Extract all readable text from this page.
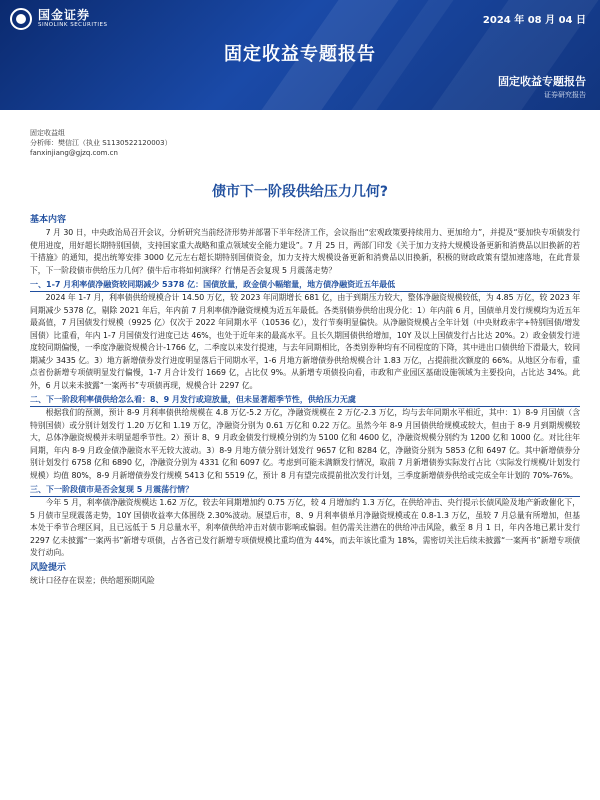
国金证券
SINOLINK SECURITIES	2024 年 08 月 04 日
固定收益专题报告
固定收益专题报告
证券研究报告
固定收益组
分析师：樊信江（执业 S1130522120003）
fanxinjiang@gjzq.com.cn
债市下一阶段供给压力几何?
基本内容

7 月 30 日，中央政治局召开会议，分析研究当前经济形势并部署下半年经济工作，会议指出“宏观政策要持续用力、更加给力”，并提及“要加快专项债发行使用进度，用好超长期特别国债，支持国家重大战略和重点领域安全能力建设”。7 月 25 日，两部门印发《关于加力支持大规模设备更新和消费品以旧换新的若干措施》的通知，提出统筹安排 3000 亿元左右超长期特别国债资金，加力支持大规模设备更新和消费品以旧换新，积极的财政政策有望加速落地，在此背景下，下一阶段债市供给压力几何？债牛后市将如何演绎？行情是否会复现 5 月震荡走势？

一、1-7 月利率债净融资较同期减少 5378 亿：国债放量，政金债小幅缩量，地方债净融资近五年最低

2024 年 1-7 月，利率债供给规模合计 14.50 万亿，较 2023 年同期增长 681 亿，由于到期压力较大，整体净融资规模较低，为 4.85 万亿，较 2023 年同期减少 5378 亿，剔除 2021 年后，年内前 7 月利率债净融资规模为近五年最低。各类别债券供给出现分化：1）年内前 6 月，国债单月发行规模均为近五年最高值，7 月国债发行规模（9925 亿）仅次于 2022 年同期水平（10536 亿），发行节奏明显偏快。从净融资规模占全年计划（中央财政赤字+特别国债/增发国债）比重看，年内 1-7 月国债发行进度已达 46%，也处于近年来的最高水平。且长久期国债供给增加，10Y 及以上国债发行占比达 20%。2）政金债发行进度较同期偏慢，一季度净融资规模合计-1766 亿，二季度以来发行提速，与去年同期相比，各类别券种均有不同程度的下降，其中进出口债供给下滑最大，较同期减少 3435 亿。3）地方新增债券发行进度明显落后于同期水平，1-6 月地方新增债券供给规模合计 1.83 万亿，占提前批次额度的 66%。从地区分布看，重点省份新增专项债明显发行偏慢，1-7 月合计发行 1669 亿，占比仅 9%。从新增专项债投向看，市政和产业园区基础设施领域为主要投向，占比达 34%。此外，6 月以来未披露“一案两书”专项债再现，规模合计 2297 亿。

二、下一阶段利率债供给怎么看：8、9 月发行或迎放量，但未显著超季节性，供给压力无虞

根据我们的预测，预计 8-9 月利率债供给规模在 4.8 万亿-5.2 万亿，净融资规模在 2 万亿-2.3 万亿，均与去年同期水平相近，其中：1）8-9 月国债（含特别国债）或分别计划发行 1.20 万亿和 1.19 万亿，净融资分别为 0.61 万亿和 0.22 万亿。虽然今年 8-9 月国债供给规模或较大，但由于 8-9 月到期规模较大，总体净融资规模并未明显超季节性。2）预计 8、9 月政金债发行规模分别约为 5100 亿和 4600 亿，净融资规模分别约为 1200 亿和 1000 亿。对比往年同期，年内 8-9 月政金债净融资水平无较大波动。3）8-9 月地方债分别计划发行 9657 亿和 8284 亿，净融资分别为 5853 亿和 6497 亿。其中新增债券分别计划发行 6758 亿和 6890 亿，净融资分别为 4331 亿和 6097 亿。考虑到可能未满额发行情况，取前 7 月新增债券实际发行占比（实际发行规模/计划发行规模）均值 80%，8-9 月新增债券发行规模 5413 亿和 5519 亿，预计 8 月有望完成提前批次发行计划，三季度新增债券供给或完成全年计划的 70%-76%。

三、下一阶段债市是否会复现 5 月震荡行情？

今年 5 月，利率债净融资规模达 1.62 万亿，较去年同期增加约 0.75 万亿，较 4 月增加约 1.3 万亿，在供给冲击、央行提示长债风险及地产新政催化下，5 月债市呈现震荡走势，10Y 国债收益率大体围绕 2.30%波动。展望后市，8、9 月利率债单月净融资规模或在 0.8-1.3 万亿，虽较 7 月总量有所增加，但基本处于季节合理区间，且已远低于 5 月总量水平，利率债供给冲击对债市影响或偏弱。但仍需关注潜在的供给冲击风险，截至 8 月 1 日，年内各地已累计发行 2297 亿未披露“一案两书”新增专项债，占各省已发行新增专项债规模比重均值为 44%，而去年该比重为 18%，需密切关注后续未披露“一案两书”新增专项债发行动向。

风险提示
统计口径存在误差；供给超预期风险
